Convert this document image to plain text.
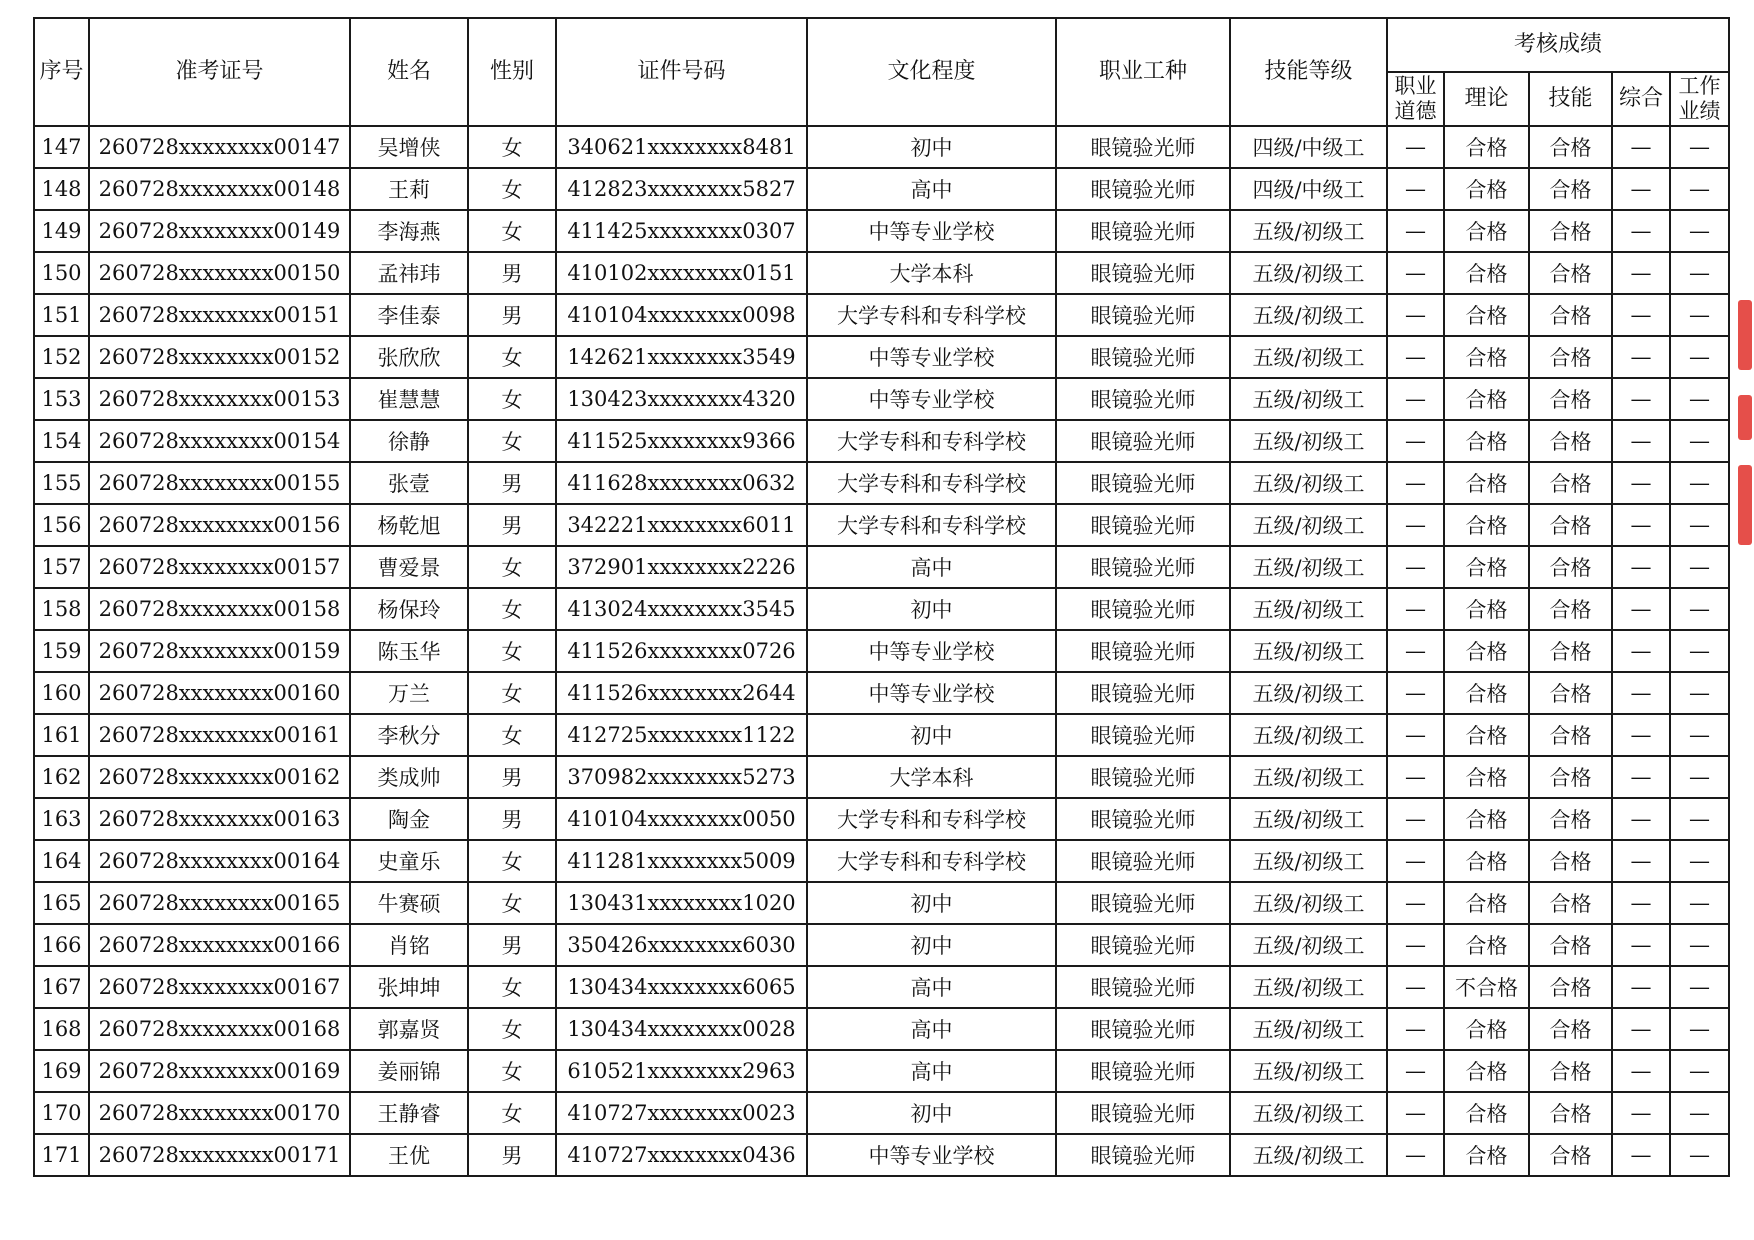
序号	准考证号	姓名	性别	证件号码	文化程度	职业工种	技能等级	考核成绩				
								职业道德	理论	技能	综合	工作业绩
147	260728xxxxxxxx00147	吴增侠	女	340621xxxxxxxx8481	初中	眼镜验光师	四级/中级工	—	合格	合格	—	—
148	260728xxxxxxxx00148	王莉	女	412823xxxxxxxx5827	高中	眼镜验光师	四级/中级工	—	合格	合格	—	—
149	260728xxxxxxxx00149	李海燕	女	411425xxxxxxxx0307	中等专业学校	眼镜验光师	五级/初级工	—	合格	合格	—	—
150	260728xxxxxxxx00150	孟祎玮	男	410102xxxxxxxx0151	大学本科	眼镜验光师	五级/初级工	—	合格	合格	—	—
151	260728xxxxxxxx00151	李佳泰	男	410104xxxxxxxx0098	大学专科和专科学校	眼镜验光师	五级/初级工	—	合格	合格	—	—
152	260728xxxxxxxx00152	张欣欣	女	142621xxxxxxxx3549	中等专业学校	眼镜验光师	五级/初级工	—	合格	合格	—	—
153	260728xxxxxxxx00153	崔慧慧	女	130423xxxxxxxx4320	中等专业学校	眼镜验光师	五级/初级工	—	合格	合格	—	—
154	260728xxxxxxxx00154	徐静	女	411525xxxxxxxx9366	大学专科和专科学校	眼镜验光师	五级/初级工	—	合格	合格	—	—
155	260728xxxxxxxx00155	张壹	男	411628xxxxxxxx0632	大学专科和专科学校	眼镜验光师	五级/初级工	—	合格	合格	—	—
156	260728xxxxxxxx00156	杨乾旭	男	342221xxxxxxxx6011	大学专科和专科学校	眼镜验光师	五级/初级工	—	合格	合格	—	—
157	260728xxxxxxxx00157	曹爱景	女	372901xxxxxxxx2226	高中	眼镜验光师	五级/初级工	—	合格	合格	—	—
158	260728xxxxxxxx00158	杨保玲	女	413024xxxxxxxx3545	初中	眼镜验光师	五级/初级工	—	合格	合格	—	—
159	260728xxxxxxxx00159	陈玉华	女	411526xxxxxxxx0726	中等专业学校	眼镜验光师	五级/初级工	—	合格	合格	—	—
160	260728xxxxxxxx00160	万兰	女	411526xxxxxxxx2644	中等专业学校	眼镜验光师	五级/初级工	—	合格	合格	—	—
161	260728xxxxxxxx00161	李秋分	女	412725xxxxxxxx1122	初中	眼镜验光师	五级/初级工	—	合格	合格	—	—
162	260728xxxxxxxx00162	类成帅	男	370982xxxxxxxx5273	大学本科	眼镜验光师	五级/初级工	—	合格	合格	—	—
163	260728xxxxxxxx00163	陶金	男	410104xxxxxxxx0050	大学专科和专科学校	眼镜验光师	五级/初级工	—	合格	合格	—	—
164	260728xxxxxxxx00164	史童乐	女	411281xxxxxxxx5009	大学专科和专科学校	眼镜验光师	五级/初级工	—	合格	合格	—	—
165	260728xxxxxxxx00165	牛赛硕	女	130431xxxxxxxx1020	初中	眼镜验光师	五级/初级工	—	合格	合格	—	—
166	260728xxxxxxxx00166	肖铭	男	350426xxxxxxxx6030	初中	眼镜验光师	五级/初级工	—	合格	合格	—	—
167	260728xxxxxxxx00167	张坤坤	女	130434xxxxxxxx6065	高中	眼镜验光师	五级/初级工	—	不合格	合格	—	—
168	260728xxxxxxxx00168	郭嘉贤	女	130434xxxxxxxx0028	高中	眼镜验光师	五级/初级工	—	合格	合格	—	—
169	260728xxxxxxxx00169	姜丽锦	女	610521xxxxxxxx2963	高中	眼镜验光师	五级/初级工	—	合格	合格	—	—
170	260728xxxxxxxx00170	王静睿	女	410727xxxxxxxx0023	初中	眼镜验光师	五级/初级工	—	合格	合格	—	—
171	260728xxxxxxxx00171	王优	男	410727xxxxxxxx0436	中等专业学校	眼镜验光师	五级/初级工	—	合格	合格	—	—
